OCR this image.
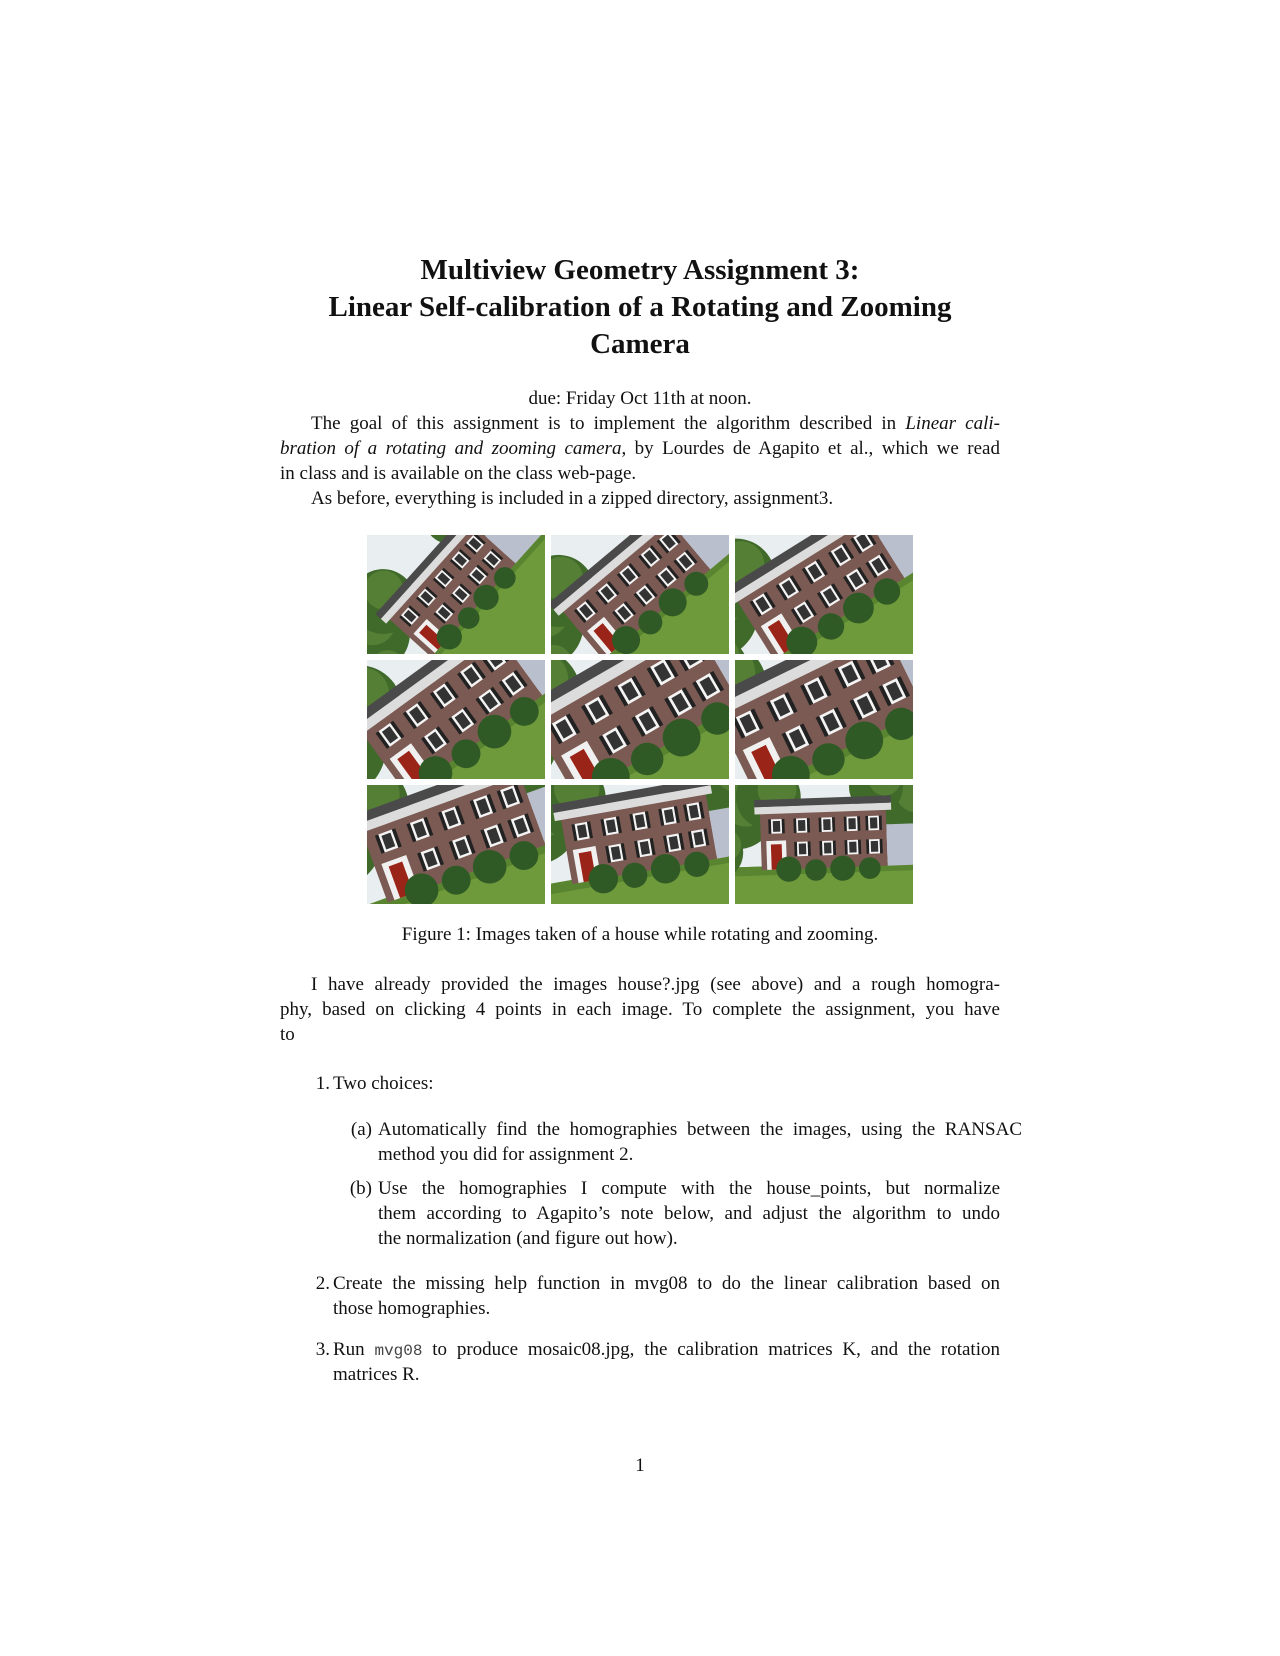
Multiview Geometry Assignment 3:
Linear Self-calibration of a Rotating and Zooming
Camera
due: Friday Oct 11th at noon.
The goal of this assignment is to implement the algorithm described in Linear cali-
bration of a rotating and zooming camera, by Lourdes de Agapito et al., which we read
in class and is available on the class web-page.
As before, everything is included in a zipped directory, assignment3.
Figure 1: Images taken of a house while rotating and zooming.
I have already provided the images house?.jpg (see above) and a rough homogra-
phy, based on clicking 4 points in each image. To complete the assignment, you have
to
1. Two choices:
(a) Automatically find the homographies between the images, using the RANSAC
method you did for assignment 2.
(b) Use the homographies I compute with the house_points, but normalize
them according to Agapito’s note below, and adjust the algorithm to undo
the normalization (and figure out how).
2. Create the missing help function in mvg08 to do the linear calibration based on
those homographies.
3. Run mvg08 to produce mosaic08.jpg, the calibration matrices K, and the rotation
matrices R.
1
